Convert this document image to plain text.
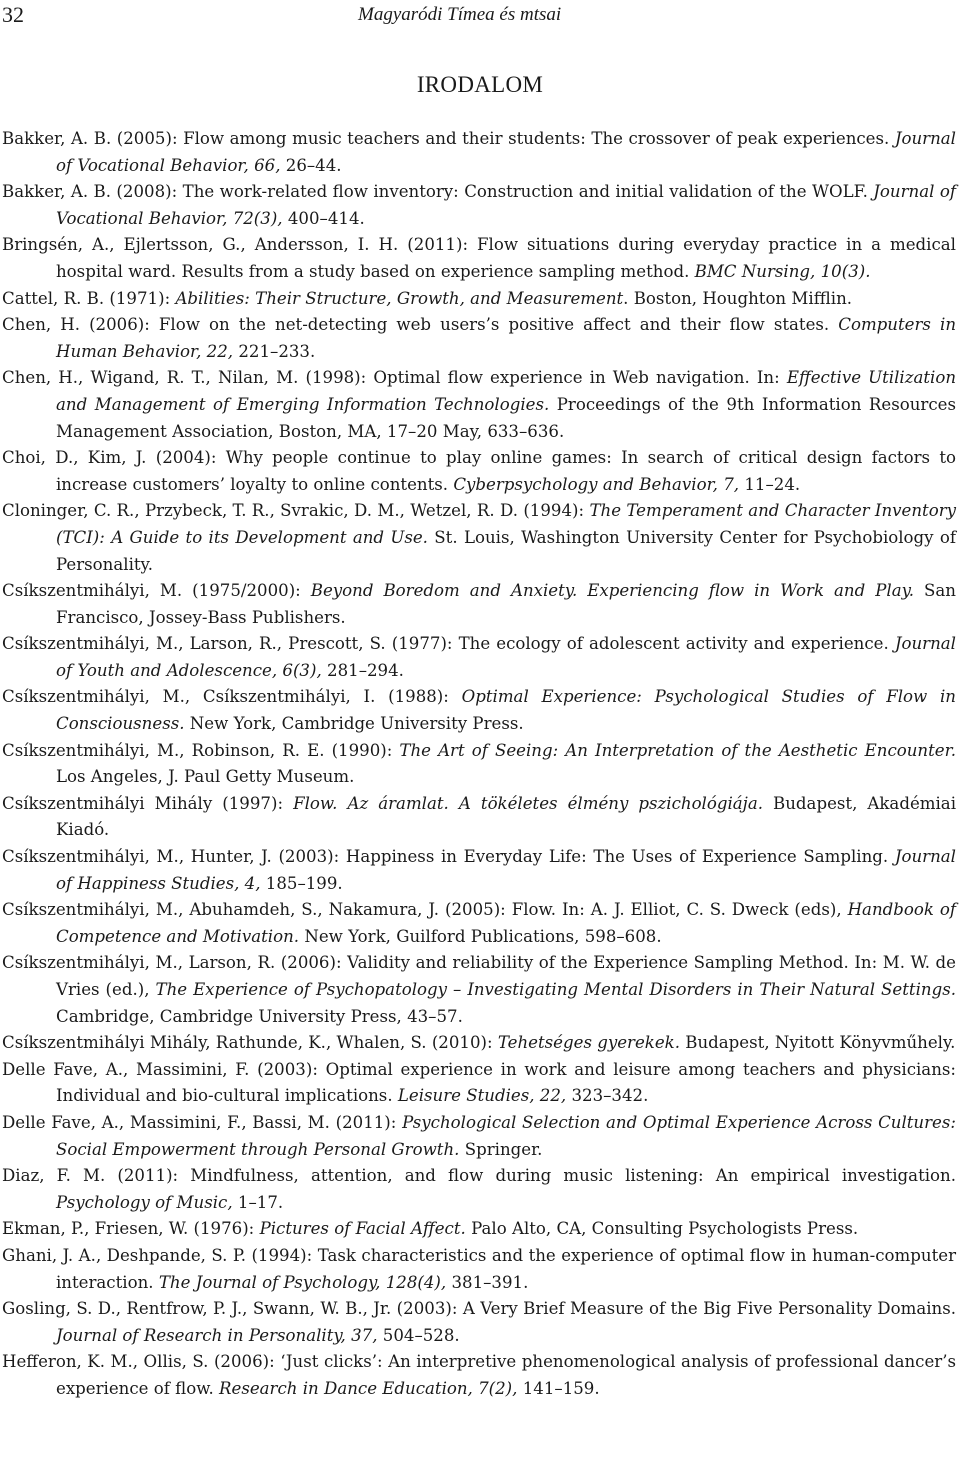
32	Magyaródi Tímea és mtsai
IRODALOM

Bakker, A. B. (2005): Flow among music teachers and their students: The crossover of peak experiences. Journal of Vocational Behavior, 66, 26–44.

Bakker, A. B. (2008): The work-related flow inventory: Construction and initial validation of the WOLF. Journal of Vocational Behavior, 72(3), 400–414.

Bringsén, A., Ejlertsson, G., Andersson, I. H. (2011): Flow situations during everyday practice in a medical hospital ward. Results from a study based on experience sampling method. BMC Nursing, 10(3).

Cattel, R. B. (1971): Abilities: Their Structure, Growth, and Measurement. Boston, Houghton Mifflin.

Chen, H. (2006): Flow on the net-detecting web users’s positive affect and their flow states. Computers in Human Behavior, 22, 221–233.

Chen, H., Wigand, R. T., Nilan, M. (1998): Optimal flow experience in Web navigation. In: Effective Utilization and Management of Emerging Information Technologies. Proceedings of the 9th Information Resources Management Association, Boston, MA, 17–20 May, 633–636.

Choi, D., Kim, J. (2004): Why people continue to play online games: In search of critical design factors to increase customers’ loyalty to online contents. Cyberpsychology and Behavior, 7, 11–24.

Cloninger, C. R., Przybeck, T. R., Svrakic, D. M., Wetzel, R. D. (1994): The Temperament and Character Inventory (TCI): A Guide to its Development and Use. St. Louis, Washington University Center for Psychobiology of Personality.

Csíkszentmihályi, M. (1975/2000): Beyond Boredom and Anxiety. Experiencing flow in Work and Play. San Francisco, Jossey-Bass Publishers.

Csíkszentmihályi, M., Larson, R., Prescott, S. (1977): The ecology of adolescent activity and experience. Journal of Youth and Adolescence, 6(3), 281–294.

Csíkszentmihályi, M., Csíkszentmihályi, I. (1988): Optimal Experience: Psychological Studies of Flow in Consciousness. New York, Cambridge University Press.

Csíkszentmihályi, M., Robinson, R. E. (1990): The Art of Seeing: An Interpretation of the Aesthetic Encounter. Los Angeles, J. Paul Getty Museum.

Csíkszentmihályi Mihály (1997): Flow. Az áramlat. A tökéletes élmény pszichológiája. Budapest, Akadémiai Kiadó.

Csíkszentmihályi, M., Hunter, J. (2003): Happiness in Everyday Life: The Uses of Experience Sampling. Journal of Happiness Studies, 4, 185–199.

Csíkszentmihályi, M., Abuhamdeh, S., Nakamura, J. (2005): Flow. In: A. J. Elliot, C. S. Dweck (eds), Handbook of Competence and Motivation. New York, Guilford Publications, 598–608.

Csíkszentmihályi, M., Larson, R. (2006): Validity and reliability of the Experience Sampling Method. In: M. W. de Vries (ed.), The Experience of Psychopatology – Investigating Mental Disorders in Their Natural Settings. Cambridge, Cambridge University Press, 43–57.

Csíkszentmihályi Mihály, Rathunde, K., Whalen, S. (2010): Tehetséges gyerekek. Budapest, Nyitott Könyvműhely.

Delle Fave, A., Massimini, F. (2003): Optimal experience in work and leisure among teachers and physicians: Individual and bio-cultural implications. Leisure Studies, 22, 323–342.

Delle Fave, A., Massimini, F., Bassi, M. (2011): Psychological Selection and Optimal Experience Across Cultures: Social Empowerment through Personal Growth. Springer.

Diaz, F. M. (2011): Mindfulness, attention, and flow during music listening: An empirical investigation. Psychology of Music, 1–17.

Ekman, P., Friesen, W. (1976): Pictures of Facial Affect. Palo Alto, CA, Consulting Psychologists Press.

Ghani, J. A., Deshpande, S. P. (1994): Task characteristics and the experience of optimal flow in human-computer interaction. The Journal of Psychology, 128(4), 381–391.

Gosling, S. D., Rentfrow, P. J., Swann, W. B., Jr. (2003): A Very Brief Measure of the Big Five Personality Domains. Journal of Research in Personality, 37, 504–528.

Hefferon, K. M., Ollis, S. (2006): ‘Just clicks’: An interpretive phenomenological analysis of professional dancer’s experience of flow. Research in Dance Education, 7(2), 141–159.
